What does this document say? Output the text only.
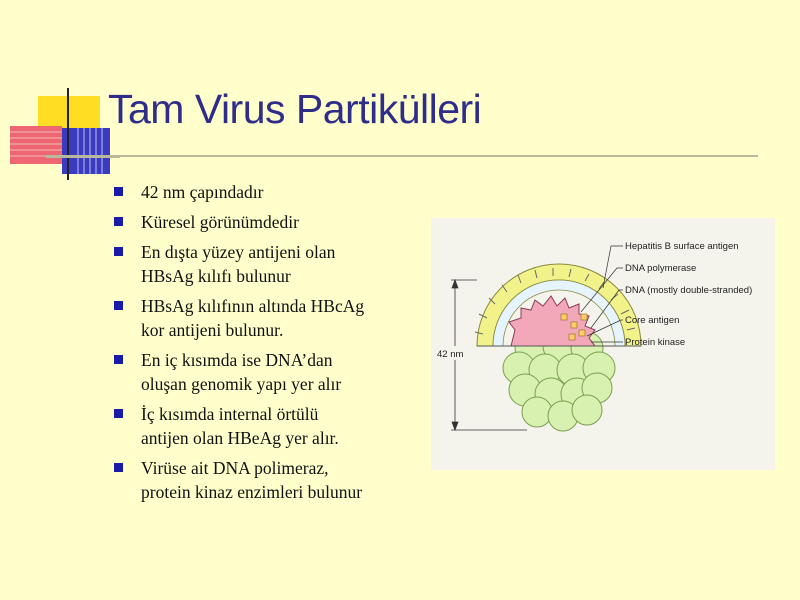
Tam Virus Partikülleri
42 nm çapındadır
Küresel görünümdedir
En dışta yüzey antijeni olan
HBsAg kılıfı bulunur
HBsAg kılıfının altında HBcAg
kor antijeni bulunur.
En iç kısımda ise DNA’dan
oluşan genomik yapı yer alır
İç kısımda internal örtülü
antijen olan HBeAg yer alır.
Virüse ait DNA polimeraz,
protein kinaz enzimleri bulunur
42 nm
Hepatitis B surface antigen
DNA polymerase
DNA (mostly double-stranded)
Core antigen
Protein kinase
